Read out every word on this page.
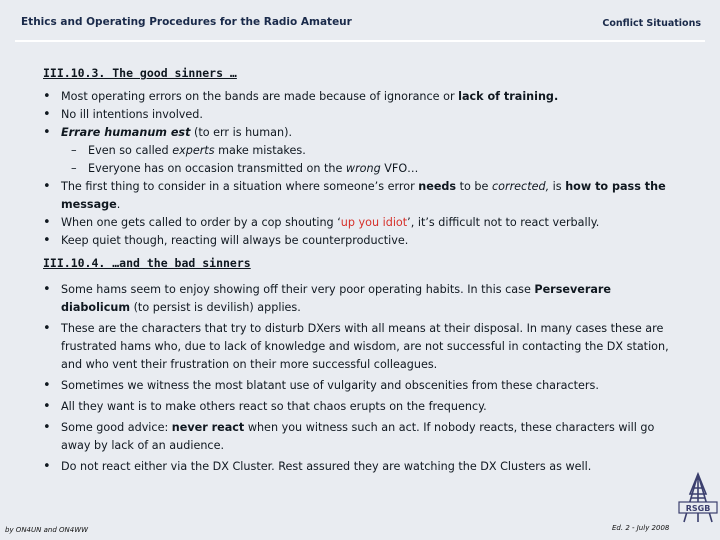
Ethics and Operating Procedures for the Radio Amateur	Conflict Situations
III.10.3. The good sinners …
• Most operating errors on the bands are made because of ignorance or lack of training.
• No ill intentions involved.
• Errare humanum est (to err is human).
– Even so called experts make mistakes.
– Everyone has on occasion transmitted on the wrong VFO…
• The first thing to consider in a situation where someone’s error needs to be corrected, is how to pass the message.
• When one gets called to order by a cop shouting ‘up you idiot’, it’s difficult not to react verbally.
• Keep quiet though, reacting will always be counterproductive.
III.10.4. …and the bad sinners
• Some hams seem to enjoy showing off their very poor operating habits. In this case Perseverare diabolicum (to persist is devilish) applies.
• These are the characters that try to disturb DXers with all means at their disposal. In many cases these are frustrated hams who, due to lack of knowledge and wisdom, are not successful in contacting the DX station, and who vent their frustration on their more successful colleagues.
• Sometimes we witness the most blatant use of vulgarity and obscenities from these characters.
• All they want is to make others react so that chaos erupts on the frequency.
• Some good advice: never react when you witness such an act. If nobody reacts, these characters will go away by lack of an audience.
• Do not react either via the DX Cluster. Rest assured they are watching the DX Clusters as well.
RSGB
by ON4UN and ON4WW	Ed. 2 - July 2008
